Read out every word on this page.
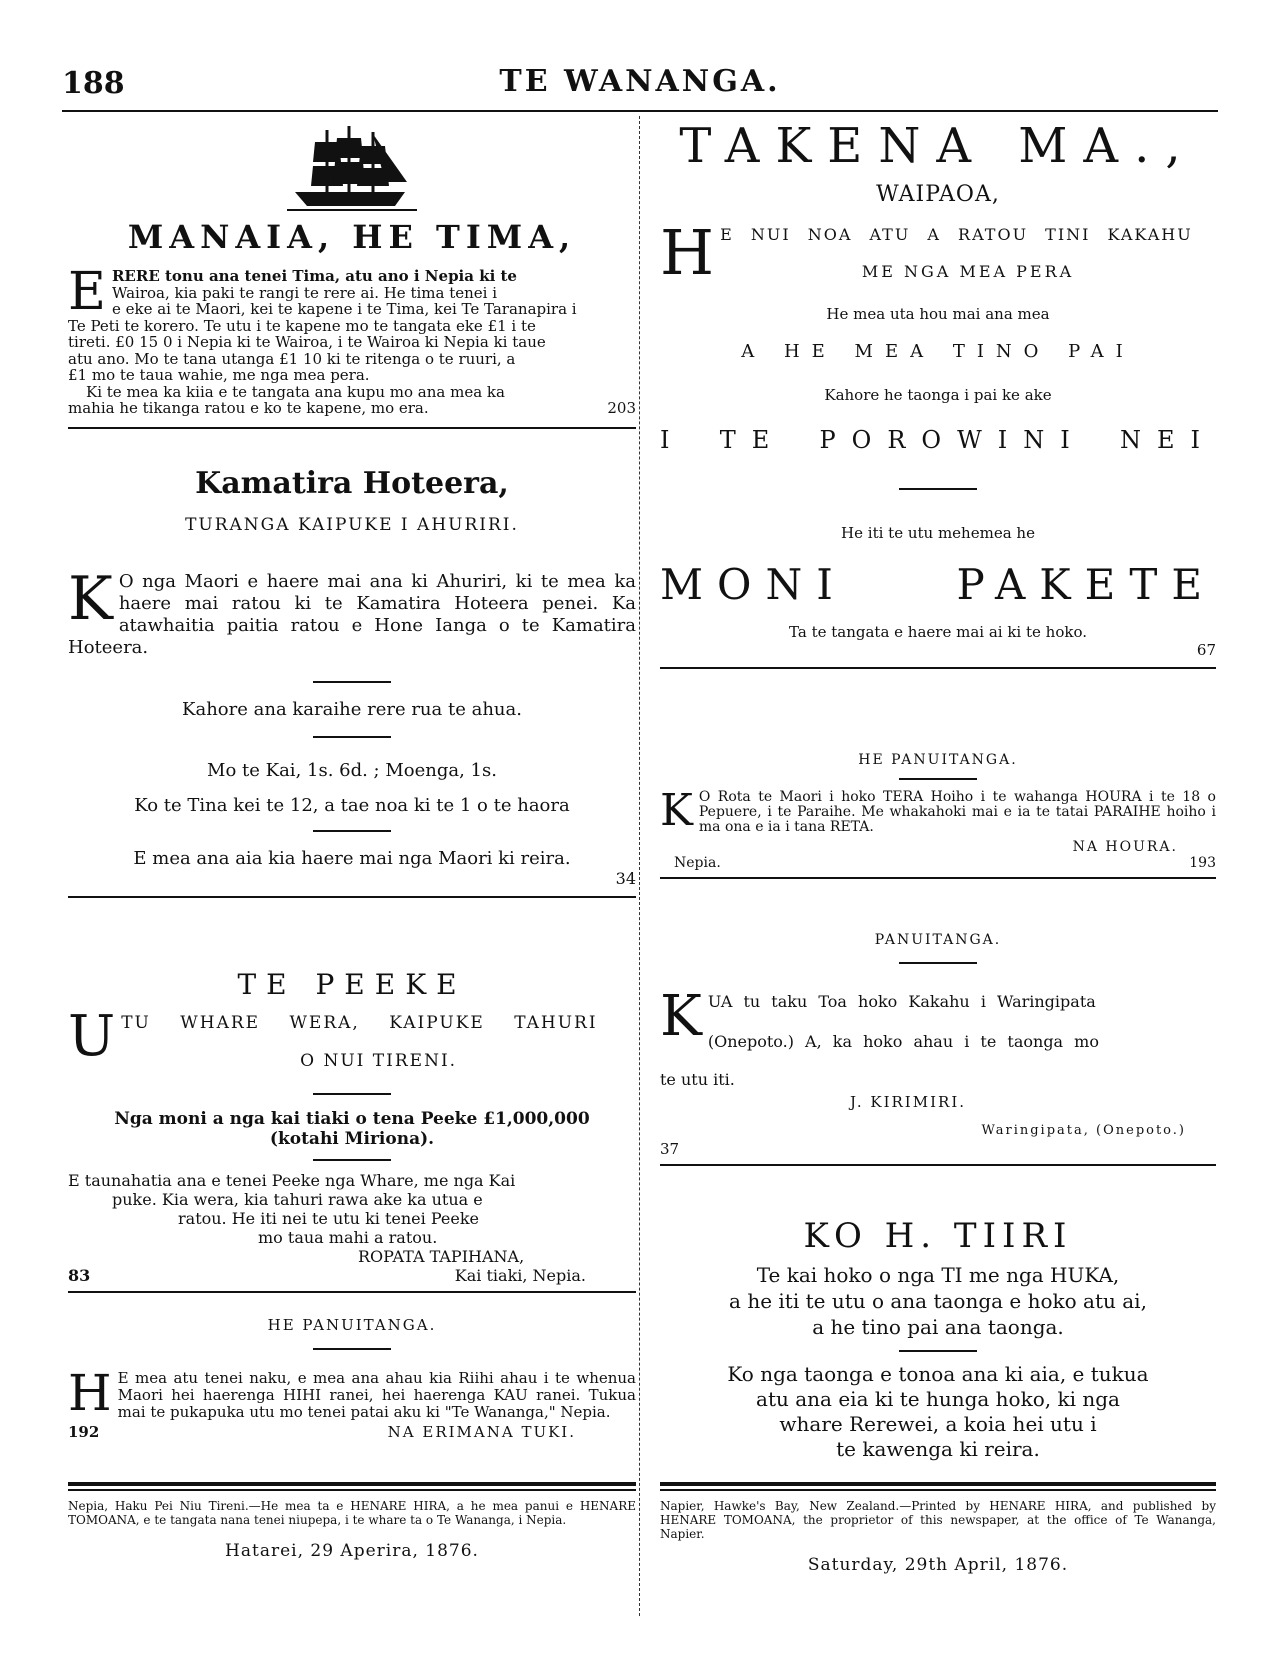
188	TE WANANGA.
MANAIA, HE TIMA,
E RERE tonu ana tenei Tima, atu ano i Nepia ki te

Wairoa, kia paki te rangi te rere ai. He tima tenei i

e eke ai te Maori, kei te kapene i te Tima, kei Te Taranapira i

Te Peti te korero. Te utu i te kapene mo te tangata eke £1 i te

tireti. £0 15 0 i Nepia ki te Wairoa, i te Wairoa ki Nepia ki taue

atu ano. Mo te tana utanga £1 10 ki te ritenga o te ruuri, a

£1 mo te taua wahie, me nga mea pera.

Ki te mea ka kiia e te tangata ana kupu mo ana mea ka

mahia he tikanga ratou e ko te kapene, mo era.	203

Kamatira Hoteera,
TURANGA KAIPUKE I AHURIRI.
K O nga Maori e haere mai ana ki Ahuriri, ki te mea ka haere mai ratou ki te Kamatira Hoteera penei. Ka atawhaitia paitia ratou e Hone Ianga o te Kamatira Hoteera.
Kahore ana karaihe rere rua te ahua.
Mo te Kai, 1s. 6d. ; Moenga, 1s.
Ko te Tina kei te 12, a tae noa ki te 1 o te haora
E mea ana aia kia haere mai nga Maori ki reira.
34
TE PEEKE
U TU WHARE WERA, KAIPUKE TAHURI
O NUI TIRENI.
Nga moni a nga kai tiaki o tena Peeke £1,000,000
(kotahi Miriona).
E taunahatia ana e tenei Peeke nga Whare, me nga Kai
puke. Kia wera, kia tahuri rawa ake ka utua e
ratou. He iti nei te utu ki tenei Peeke
mo taua mahi a ratou.
ROPATA TAPIHANA,
83	Kai tiaki, Nepia.
HE PANUITANGA.
H E mea atu tenei naku, e mea ana ahau kia Riihi ahau i te whenua Maori hei haerenga HIHI ranei, hei haerenga KAU ranei. Tukua mai te pukapuka utu mo tenei patai aku ki "Te Wananga," Nepia.
192	NA ERIMANA TUKI.
Nepia, Haku Pei Niu Tireni.—He mea ta e HENARE HIRA, a he mea panui e HENARE TOMOANA, e te tangata nana tenei niupepa, i te whare ta o Te Wananga, i Nepia.
Hatarei, 29 Aperira, 1876.
TAKENA MA.,
WAIPAOA,
H E NUI NOA ATU A RATOU TINI KAKAHU
ME NGA MEA PERA
He mea uta hou mai ana mea
A HE MEA TINO PAI
Kahore he taonga i pai ke ake
I TE POROWINI NEI
He iti te utu mehemea he
MONI PAKETE
Ta te tangata e haere mai ai ki te hoko.
67
HE PANUITANGA.
K O Rota te Maori i hoko TERA Hoiho i te wahanga HOURA i te 18 o Pepuere, i te Paraihe. Me whakahoki mai e ia te tatai PARAIHE hoiho i ma ona e ia i tana RETA.
NA HOURA.
Nepia.	193
PANUITANGA.
K UA tu taku Toa hoko Kakahu i Waringipata
(Onepoto.) A, ka hoko ahau i te taonga mo
te utu iti.
J. KIRIMIRI.
Waringipata, (Onepoto.)
37
KO H. TIIRI
Te kai hoko o nga TI me nga HUKA,
a he iti te utu o ana taonga e hoko atu ai,
a he tino pai ana taonga.
Ko nga taonga e tonoa ana ki aia, e tukua
atu ana eia ki te hunga hoko, ki nga
whare Rerewei, a koia hei utu i
te kawenga ki reira.
Napier, Hawke's Bay, New Zealand.—Printed by HENARE HIRA, and published by HENARE TOMOANA, the proprietor of this newspaper, at the office of Te Wananga, Napier.
Saturday, 29th April, 1876.
